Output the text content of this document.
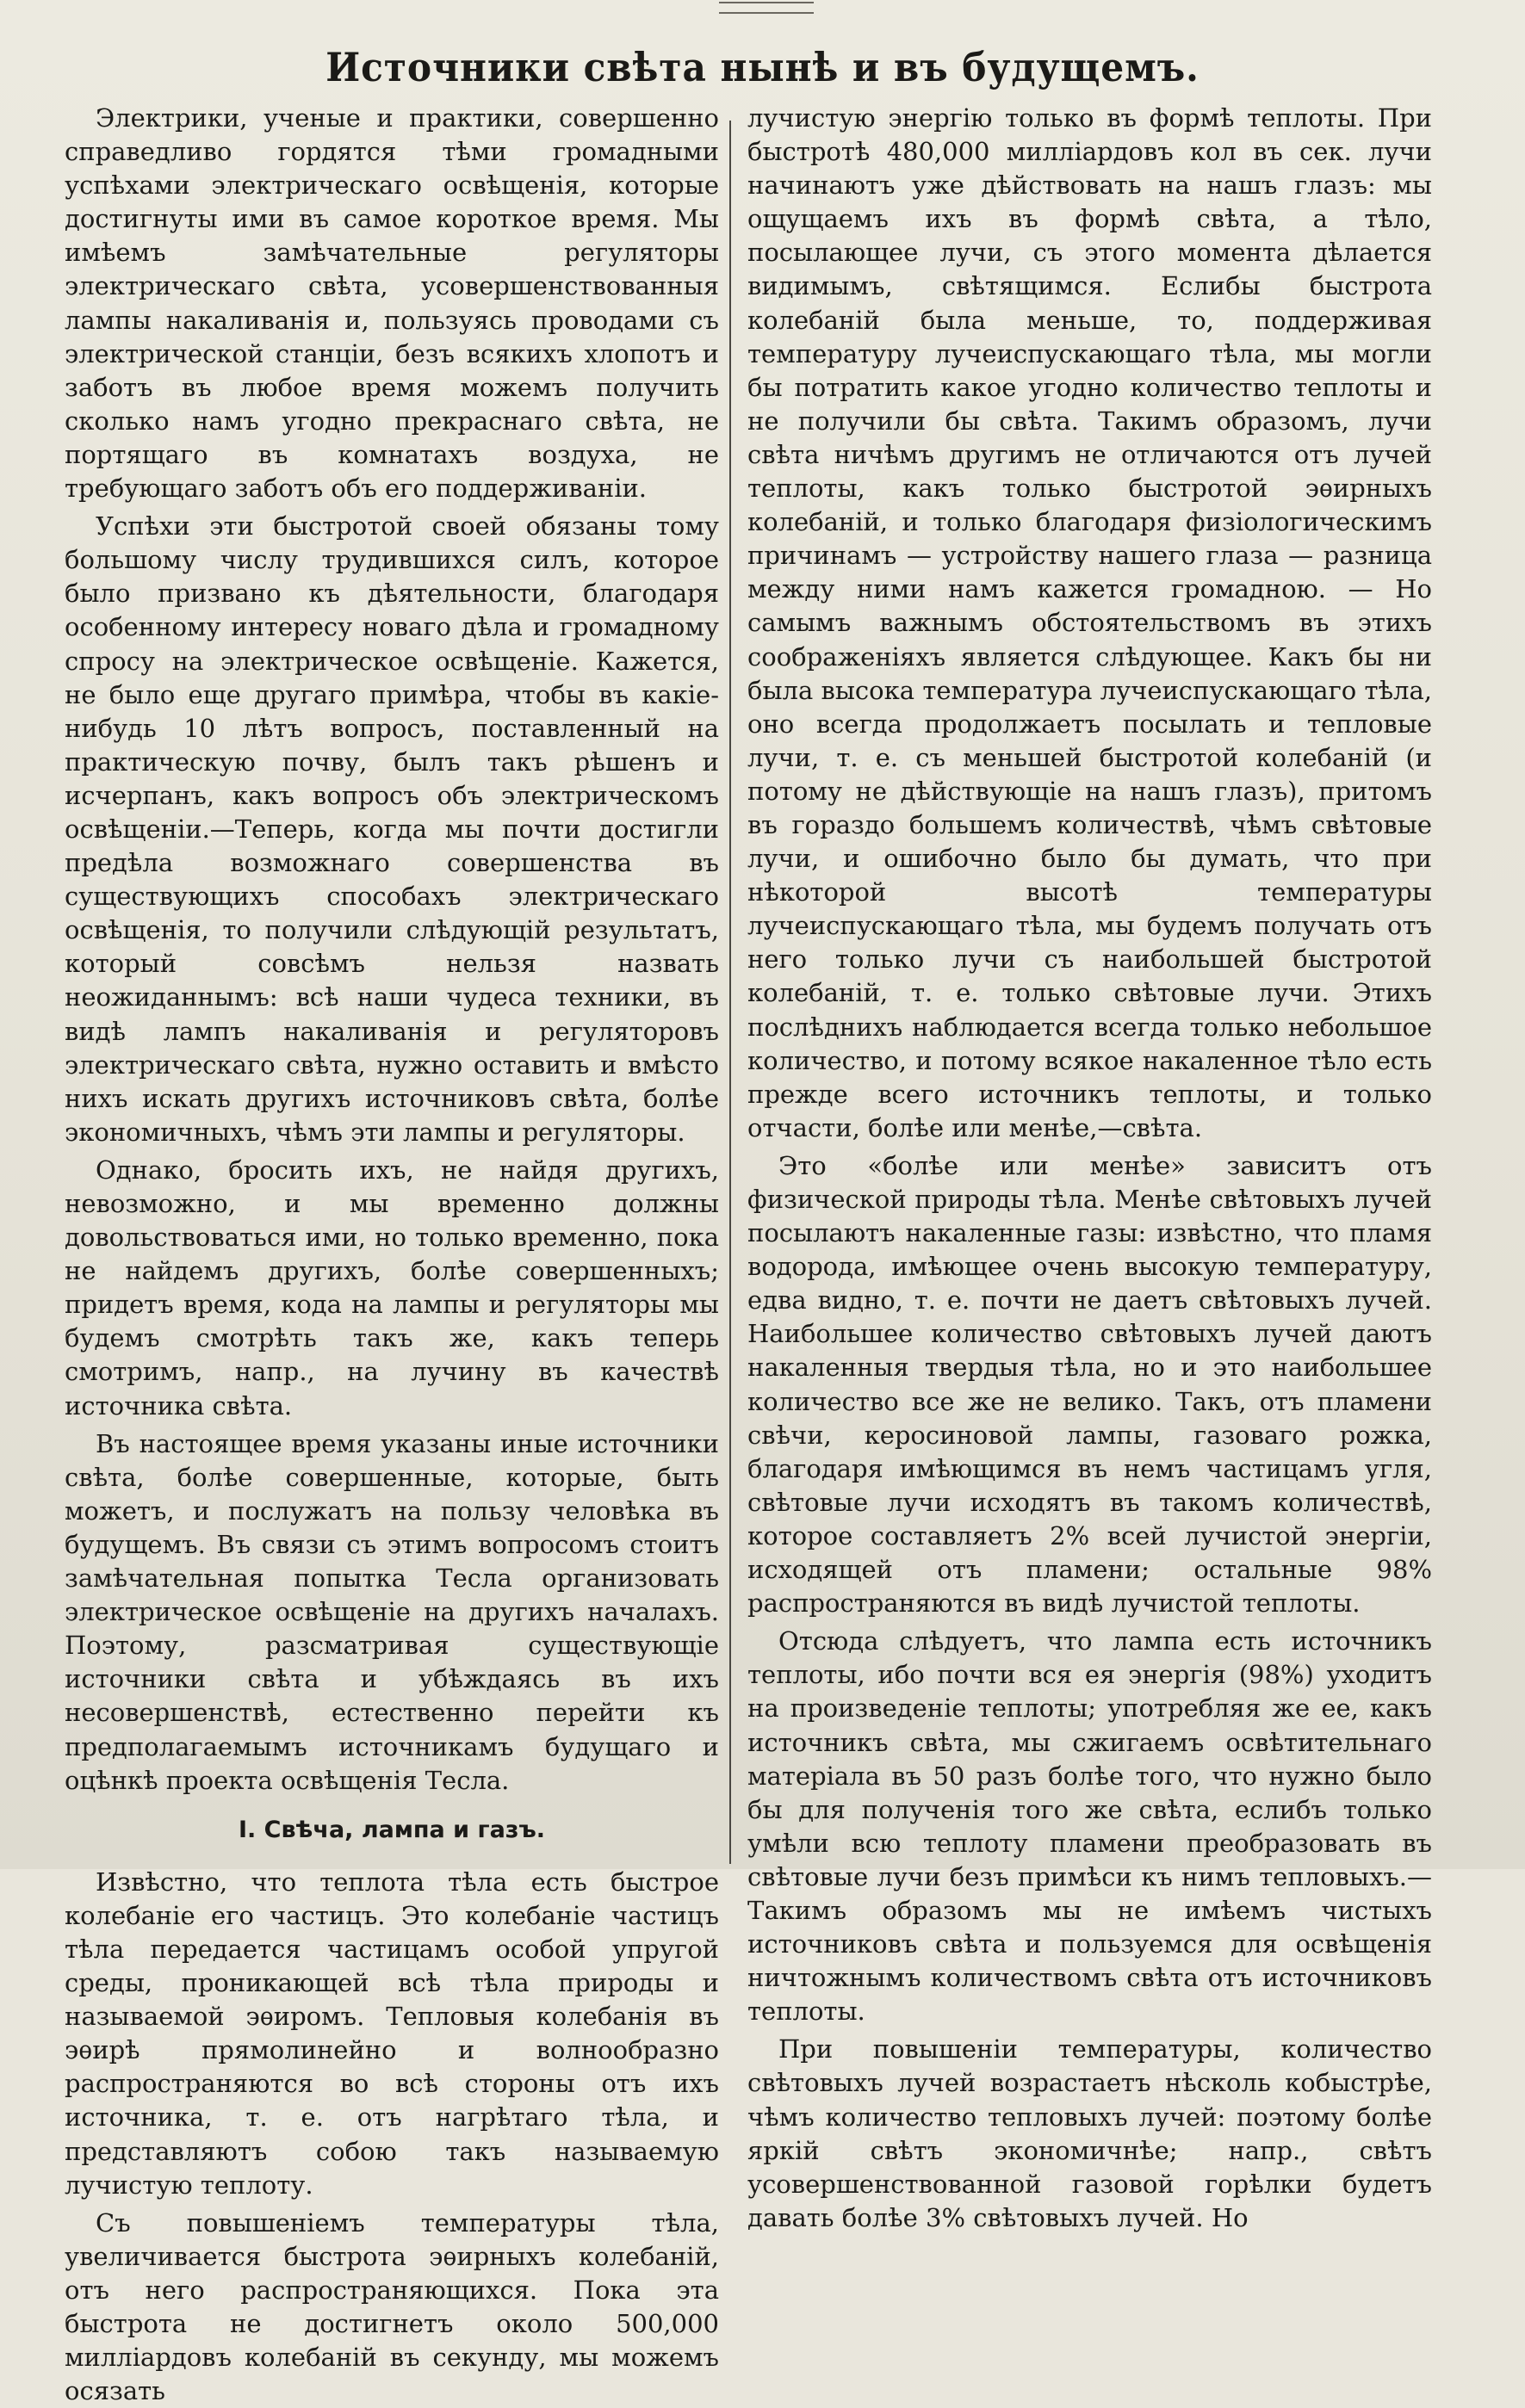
Источники свѣта нынѣ и въ будущемъ.

Электрики, ученые и практики, совершенно справедливо гордятся тѣми громадными успѣхами электрическаго освѣщенія, которые достигнуты ими въ самое короткое время. Мы имѣемъ замѣчательные регуляторы электрическаго свѣта, усовершенствованныя лампы накаливанія и, пользуясь проводами съ электрической станціи, безъ всякихъ хлопотъ и заботъ въ любое время можемъ получить сколько намъ угодно прекраснаго свѣта, не портящаго въ комнатахъ воздуха, не требующаго заботъ объ его поддерживаніи.

Успѣхи эти быстротой своей обязаны тому большому числу трудившихся силъ, которое было призвано къ дѣятельности, благодаря особенному интересу новаго дѣла и громадному спросу на электрическое освѣщеніе. Кажется, не было еще другаго примѣра, чтобы въ какіе-нибудь 10 лѣтъ вопросъ, поставленный на практическую почву, былъ такъ рѣшенъ и исчерпанъ, какъ вопросъ объ электрическомъ освѣщеніи.—Теперь, когда мы почти достигли предѣла возможнаго совершенства въ существующихъ способахъ электрическаго освѣщенія, то получили слѣдующій результатъ, который совсѣмъ нельзя назвать неожиданнымъ: всѣ наши чудеса техники, въ видѣ лампъ накаливанія и регуляторовъ электрическаго свѣта, нужно оставить и вмѣсто нихъ искать другихъ источниковъ свѣта, болѣе экономичныхъ, чѣмъ эти лампы и регуляторы.

Однако, бросить ихъ, не найдя другихъ, невозможно, и мы временно должны довольствоваться ими, но только временно, пока не найдемъ другихъ, болѣе совершенныхъ; придетъ время, кода на лампы и регуляторы мы будемъ смотрѣть такъ же, какъ теперь смотримъ, напр., на лучину въ качествѣ источника свѣта.

Въ настоящее время указаны иные источники свѣта, болѣе совершенные, которые, быть можетъ, и послужатъ на пользу человѣка въ будущемъ. Въ связи съ этимъ вопросомъ стоитъ замѣчательная попытка Тесла организовать электрическое освѣщеніе на другихъ началахъ. Поэтому, разсматривая существующіе источники свѣта и убѣждаясь въ ихъ несовершенствѣ, естественно перейти къ предполагаемымъ источникамъ будущаго и оцѣнкѣ проекта освѣщенія Тесла.

I. Свѣча, лампа и газъ.

Извѣстно, что теплота тѣла есть быстрое колебаніе его частицъ. Это колебаніе частицъ тѣла передается частицамъ особой упругой среды, проникающей всѣ тѣла природы и называемой эѳиромъ. Тепловыя колебанія въ эѳирѣ прямолинейно и волнообразно распространяются во всѣ стороны отъ ихъ источника, т. е. отъ нагрѣтаго тѣла, и представляютъ собою такъ называемую лучистую теплоту.

Съ повышеніемъ температуры тѣла, увеличивается быстрота эѳирныхъ колебаній, отъ него распространяющихся. Пока эта быстрота не достигнетъ около 500,000 милліардовъ колебаній въ секунду, мы можемъ осязать

лучистую энергію только въ формѣ теплоты. При быстротѣ 480,000 милліардовъ кол въ сек. лучи начинаютъ уже дѣйствовать на нашъ глазъ: мы ощущаемъ ихъ въ формѣ свѣта, а тѣло, посылающее лучи, съ этого момента дѣлается видимымъ, свѣтящимся. Еслибы быстрота колебаній была меньше, то, поддерживая температуру лучеиспускающаго тѣла, мы могли бы потратить какое угодно количество теплоты и не получили бы свѣта. Такимъ образомъ, лучи свѣта ничѣмъ другимъ не отличаются отъ лучей теплоты, какъ только быстротой эѳирныхъ колебаній, и только благодаря физіологическимъ причинамъ — устройству нашего глаза — разница между ними намъ кажется громадною. — Но самымъ важнымъ обстоятельствомъ въ этихъ соображеніяхъ является слѣдующее. Какъ бы ни была высока температура лучеиспускающаго тѣла, оно всегда продолжаетъ посылать и тепловые лучи, т. е. съ меньшей быстротой колебаній (и потому не дѣйствующіе на нашъ глазъ), притомъ въ гораздо большемъ количествѣ, чѣмъ свѣтовые лучи, и ошибочно было бы думать, что при нѣкоторой высотѣ температуры лучеиспускающаго тѣла, мы будемъ получать отъ него только лучи съ наибольшей быстротой колебаній, т. е. только свѣтовые лучи. Этихъ послѣднихъ наблюдается всегда только небольшое количество, и потому всякое накаленное тѣло есть прежде всего источникъ теплоты, и только отчасти, болѣе или менѣе,—свѣта.

Это «болѣе или менѣе» зависитъ отъ физической природы тѣла. Менѣе свѣтовыхъ лучей посылаютъ накаленные газы: извѣстно, что пламя водорода, имѣющее очень высокую температуру, едва видно, т. е. почти не даетъ свѣтовыхъ лучей. Наибольшее количество свѣтовыхъ лучей даютъ накаленныя твердыя тѣла, но и это наибольшее количество все же не велико. Такъ, отъ пламени свѣчи, керосиновой лампы, газоваго рожка, благодаря имѣющимся въ немъ частицамъ угля, свѣтовые лучи исходятъ въ такомъ количествѣ, которое составляетъ 2% всей лучистой энергіи, исходящей отъ пламени; остальные 98% распространяются въ видѣ лучистой теплоты.

Отсюда слѣдуетъ, что лампа есть источникъ теплоты, ибо почти вся ея энергія (98%) уходитъ на произведеніе теплоты; употребляя же ее, какъ источникъ свѣта, мы сжигаемъ освѣтительнаго матеріала въ 50 разъ болѣе того, что нужно было бы для полученія того же свѣта, еслибъ только умѣли всю теплоту пламени преобразовать въ свѣтовые лучи безъ примѣси къ нимъ тепловыхъ.— Такимъ образомъ мы не имѣемъ чистыхъ источниковъ свѣта и пользуемся для освѣщенія ничтожнымъ количествомъ свѣта отъ источниковъ теплоты.

При повышеніи температуры, количество свѣтовыхъ лучей возрастаетъ нѣсколь кобыстрѣе, чѣмъ количество тепловыхъ лучей: поэтому болѣе яркій свѣтъ экономичнѣе; напр., свѣтъ усовершенствованной газовой горѣлки будетъ давать болѣе 3% свѣтовыхъ лучей. Но
